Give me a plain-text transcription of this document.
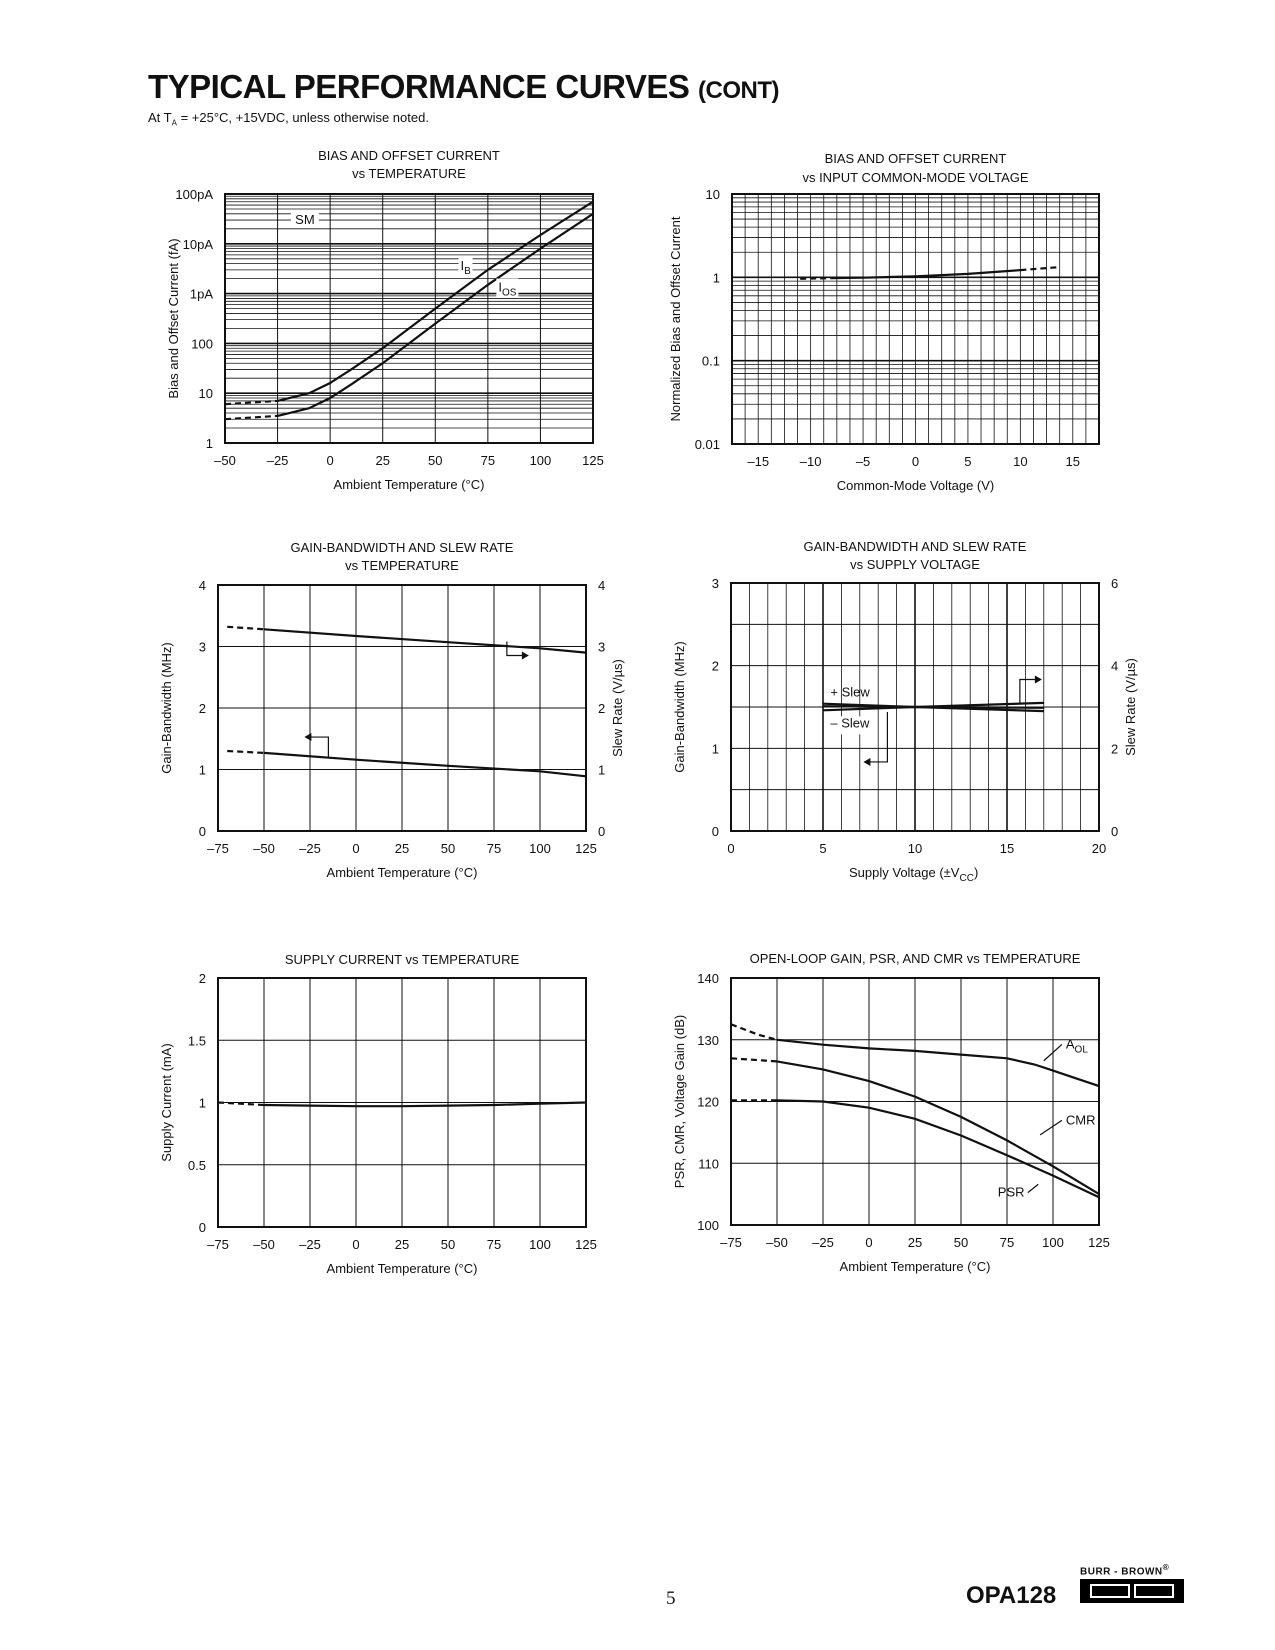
TYPICAL PERFORMANCE CURVES (CONT)
At $T_A = +25^\circ C$, +15VDC, unless otherwise noted.
BIAS AND OFFSET CURRENT
vs TEMPERATURE
–50 –25	0	25	50	75	100 125
1
10
100
1pA
10pA
100pA
Ambient Temperature (°C)
Bias and Offset Current (fA)	$I_B$
$I_{OS}$
SM
BIAS AND OFFSET CURRENT
vs INPUT COMMON-MODE VOLTAGE
–15 –10	–5	0	5	10	15
0.01
0.1
1
10
Common-Mode Voltage (V)
Normalized Bias and Offset Current
GAIN-BANDWIDTH AND SLEW RATE
vs TEMPERATURE
–75 –50 –25 0	25 50 75 100 125
0
1
2
3
4
0
1
2
3
4
Ambient Temperature (°C)
Gain-Bandwidth (MHz)	Slew Rate (V/µs)
GAIN-BANDWIDTH AND SLEW RATE
vs SUPPLY VOLTAGE
0	5	10	15	20
0
1
2
3
0
2
4
6
Supply Voltage $(\pm V_{CC})$
Gain-Bandwidth (MHz)	Slew Rate (V/µs)
+ Slew
– Slew
SUPPLY CURRENT vs TEMPERATURE
–75 –50 –25 0	25 50 75 100 125
0
0.5
1
1.5
2
Ambient Temperature (°C)
Supply Current (mA)
OPEN-LOOP GAIN, PSR, AND CMR vs TEMPERATURE
–75 –50 –25 0	25 50 75 100 125
100
110
120
130
140
Ambient Temperature (°C)
PSR, CMR, Voltage Gain (dB)	$A_{OL}$
CMR
PSR
5	OPA128
BURR - BROWN®
